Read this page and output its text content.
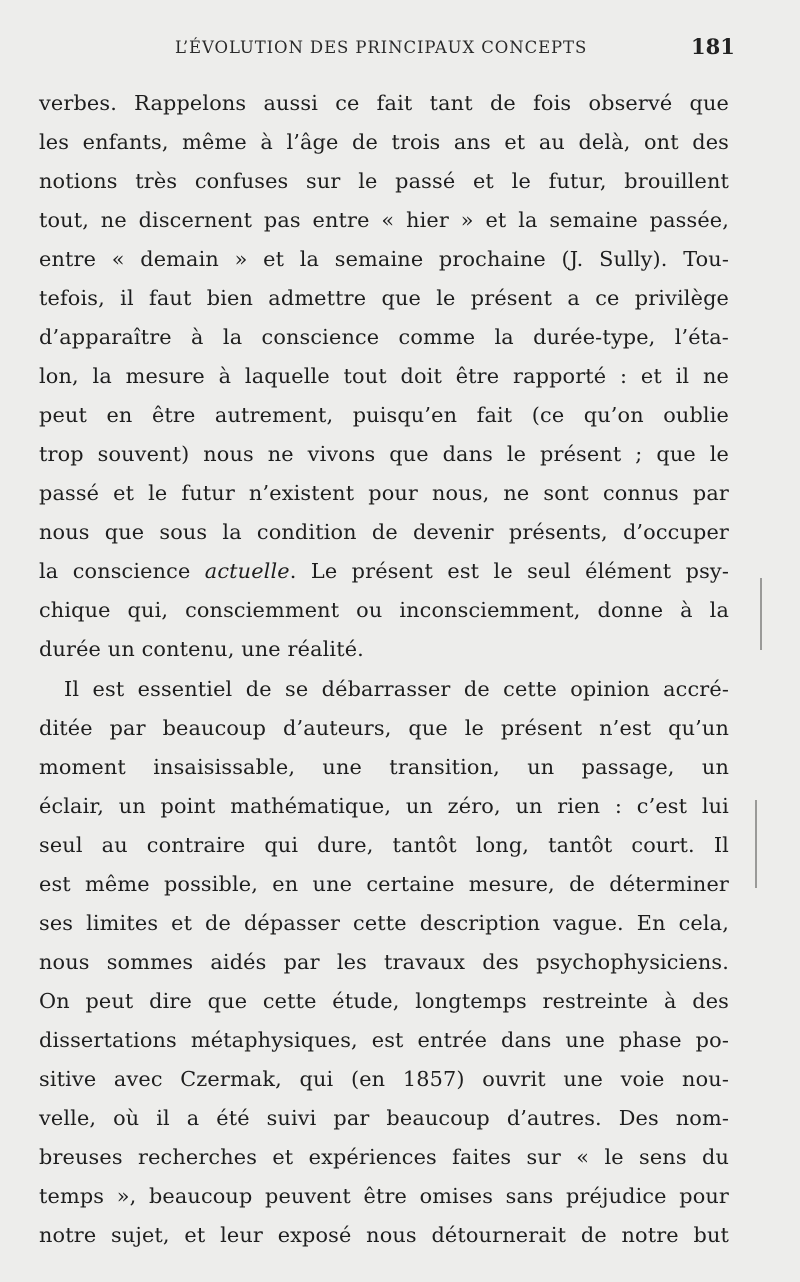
L’ÉVOLUTION DES PRINCIPAUX CONCEPTS	181
verbes. Rappelons aussi ce fait tant de fois observé que
les enfants, même à l’âge de trois ans et au delà, ont des
notions très confuses sur le passé et le futur, brouillent
tout, ne discernent pas entre « hier » et la semaine passée,
entre « demain » et la semaine prochaine (J. Sully). Tou-
tefois, il faut bien admettre que le présent a ce privilège
d’apparaître à la conscience comme la durée-type, l’éta-
lon, la mesure à laquelle tout doit être rapporté : et il ne
peut en être autrement, puisqu’en fait (ce qu’on oublie
trop souvent) nous ne vivons que dans le présent ; que le
passé et le futur n’existent pour nous, ne sont connus par
nous que sous la condition de devenir présents, d’occuper
la conscience actuelle. Le présent est le seul élément psy-
chique qui, consciemment ou inconsciemment, donne à la
durée un contenu, une réalité.
Il est essentiel de se débarrasser de cette opinion accré-
ditée par beaucoup d’auteurs, que le présent n’est qu’un
moment insaisissable, une transition, un passage, un
éclair, un point mathématique, un zéro, un rien : c’est lui
seul au contraire qui dure, tantôt long, tantôt court. Il
est même possible, en une certaine mesure, de déterminer
ses limites et de dépasser cette description vague. En cela,
nous sommes aidés par les travaux des psychophysiciens.
On peut dire que cette étude, longtemps restreinte à des
dissertations métaphysiques, est entrée dans une phase po-
sitive avec Czermak, qui (en 1857) ouvrit une voie nou-
velle, où il a été suivi par beaucoup d’autres. Des nom-
breuses recherches et expériences faites sur « le sens du
temps », beaucoup peuvent être omises sans préjudice pour
notre sujet, et leur exposé nous détournerait de notre but
